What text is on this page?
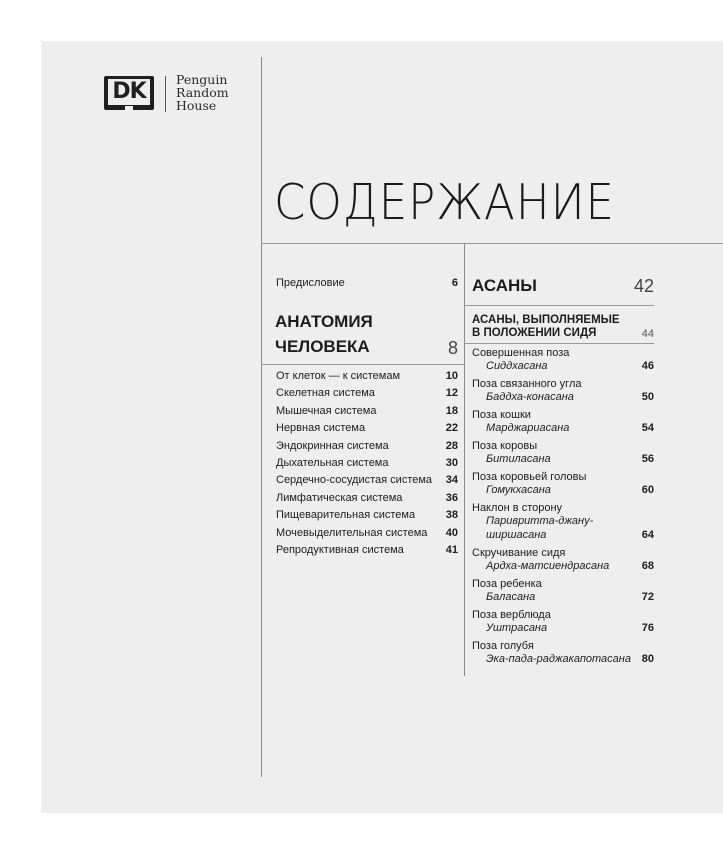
DK	Penguin
Random
House
СОДЕРЖАНИЕ
Предисловие	6
АНАТОМИЯ
ЧЕЛОВЕКА	8
От клеток — к системам	10
Скелетная система	12
Мышечная система	18
Нервная система	22
Эндокринная система	28
Дыхательная система	30
Сердечно-сосудистая система	34
Лимфатическая система	36
Пищеварительная система	38
Мочевыделительная система	40
Репродуктивная система	41
АСАНЫ	42
АСАНЫ, ВЫПОЛНЯЕМЫЕ
В ПОЛОЖЕНИИ СИДЯ	44
Совершенная поза
Сиддхасана	46
Поза связанного угла
Баддха-конасана	50
Поза кошки
Марджариасана	54
Поза коровы
Битиласана	56
Поза коровьей головы
Гомукхасана	60
Наклон в сторону
Паривритта-джану-
ширшасана	64
Скручивание сидя
Ардха-матсиендрасана	68
Поза ребенка
Баласана	72
Поза верблюда
Уштрасана	76
Поза голубя
Эка-пада-раджакапотасана 80
